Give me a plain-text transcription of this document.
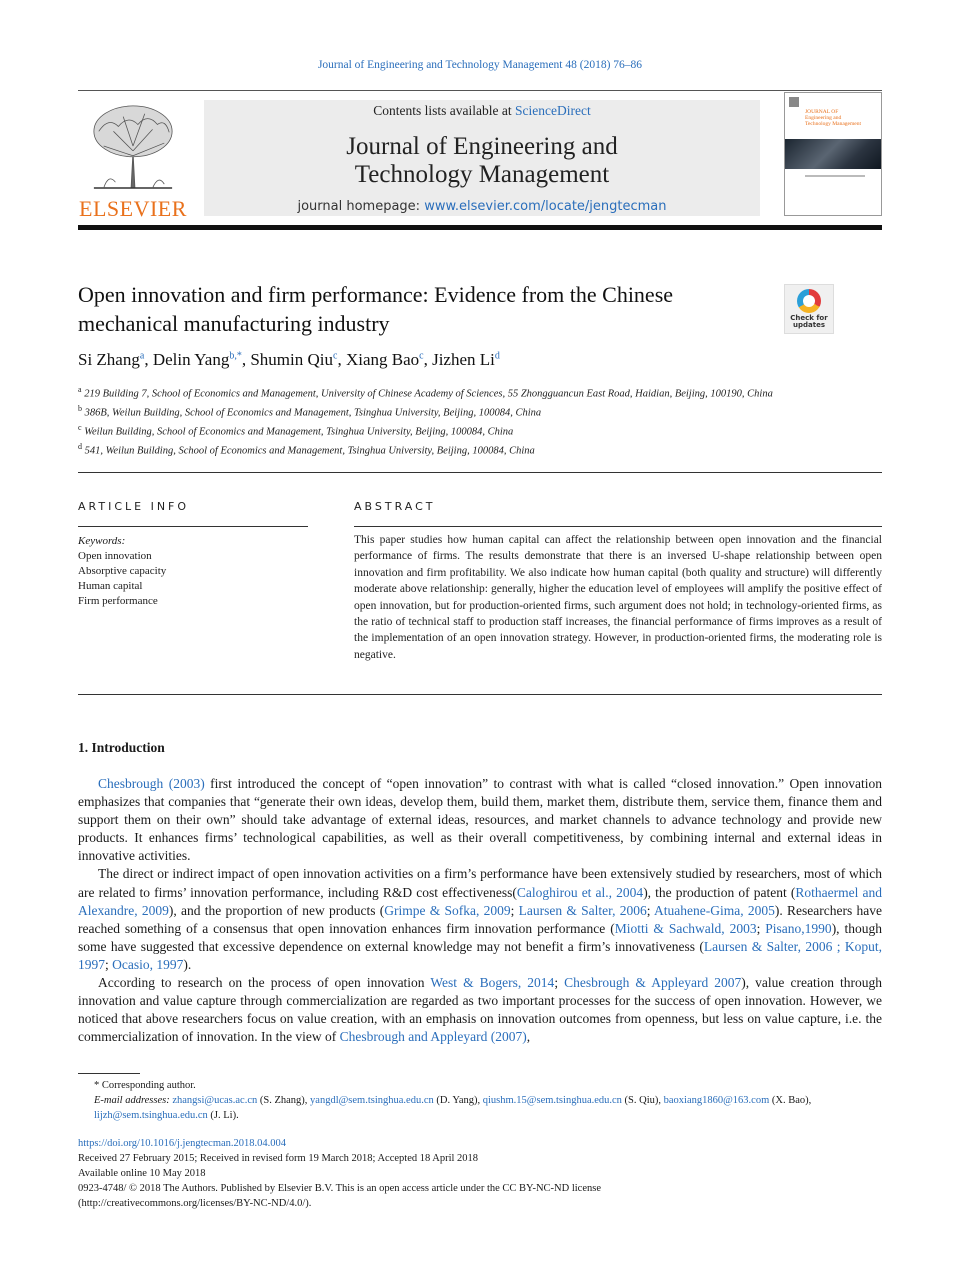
Journal of Engineering and Technology Management 48 (2018) 76–86
ELSEVIER
Contents lists available at ScienceDirect
Journal of Engineering and
Technology Management
journal homepage: www.elsevier.com/locate/jengtecman
JOURNAL OF
Engineering and
Technology Management
Open innovation and firm performance: Evidence from the Chinese
mechanical manufacturing industry	Check for
updates
Si Zhang$^a$, Delin Yang$^{b,*}$, Shumin Qiu$^c$, Xiang Bao$^c$, Jizhen Li$^d$
$^a$ 219 Building 7, School of Economics and Management, University of Chinese Academy of Sciences, 55 Zhongguancun East Road, Haidian, Beijing, 100190, China
$^b$ 386B, Weilun Building, School of Economics and Management, Tsinghua University, Beijing, 100084, China
$^c$ Weilun Building, School of Economics and Management, Tsinghua University, Beijing, 100084, China
$^d$ 541, Weilun Building, School of Economics and Management, Tsinghua University, Beijing, 100084, China
ARTICLE INFO	ABSTRACT
Keywords:
Open innovation
Absorptive capacity
Human capital
Firm performance
This paper studies how human capital can affect the relationship between open innovation and the financial performance of firms. The results demonstrate that there is an inversed U-shape relationship between open innovation and firm profitability. We also indicate how human capital (both quality and structure) will differently moderate above relationship: generally, higher the education level of employees will amplify the positive effect of open innovation, but for production-oriented firms, such argument does not hold; in technology-oriented firms, as the ratio of technical staff to production staff increases, the financial performance of firms improves as a result of the implementation of an open innovation strategy. However, in production-oriented firms, the moderating role is negative.
1. Introduction

Chesbrough (2003) first introduced the concept of “open innovation” to contrast with what is called “closed innovation.” Open innovation emphasizes that companies that “generate their own ideas, develop them, build them, market them, distribute them, service them, finance them and support them on their own” should take advantage of external ideas, resources, and market channels to advance technology and provide new products. It enhances firms’ technological capabilities, as well as their overall competitiveness, by combining internal and external ideas in innovative activities.

The direct or indirect impact of open innovation activities on a firm’s performance have been extensively studied by researchers, most of which are related to firms’ innovation performance, including R&D cost effectiveness(Caloghirou et al., 2004), the production of patent (Rothaermel and Alexandre, 2009), and the proportion of new products (Grimpe & Sofka, 2009; Laursen & Salter, 2006; Atuahene-Gima, 2005). Researchers have reached something of a consensus that open innovation enhances firm innovation performance (Miotti & Sachwald, 2003; Pisano,1990), though some have suggested that excessive dependence on external knowledge may not benefit a firm’s innovativeness (Laursen & Salter, 2006 ; Koput, 1997; Ocasio, 1997).

According to research on the process of open innovation West & Bogers, 2014; Chesbrough & Appleyard 2007), value creation through innovation and value capture through commercialization are regarded as two important processes for the success of open innovation. However, we noticed that above researchers focus on value creation, with an emphasis on innovation outcomes from openness, but less on value capture, i.e. the commercialization of innovation. In the view of Chesbrough and Appleyard (2007),

* Corresponding author.
E-mail addresses: zhangsi@ucas.ac.cn (S. Zhang), yangdl@sem.tsinghua.edu.cn (D. Yang), qiushm.15@sem.tsinghua.edu.cn (S. Qiu), baoxiang1860@163.com (X. Bao), lijzh@sem.tsinghua.edu.cn (J. Li).
https://doi.org/10.1016/j.jengtecman.2018.04.004
Received 27 February 2015; Received in revised form 19 March 2018; Accepted 18 April 2018
Available online 10 May 2018
0923-4748/ © 2018 The Authors. Published by Elsevier B.V. This is an open access article under the CC BY-NC-ND license
(http://creativecommons.org/licenses/BY-NC-ND/4.0/).
